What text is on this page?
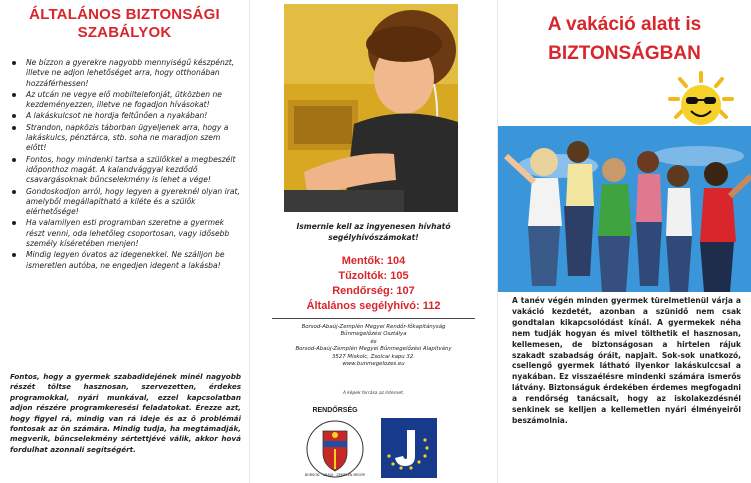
ÁLTALÁNOS BIZTONSÁGI
SZABÁLYOK
Ne bízzon a gyerekre nagyobb mennyiségű készpénzt, illetve ne adjon lehetőséget arra, hogy otthonában hozzáférhessen!
Az utcán ne vegye elő mobiltelefonját, ütközben ne kezdeményezzen, illetve ne fogadjon hívásokat!
A lakáskulcsot ne hordja feltűnően a nyakában!
Strandon, napközis táborban ügyeljenek arra, hogy a lakáskulcs, pénztárca, stb. soha ne maradjon szem előtt!
Fontos, hogy mindenki tartsa a szülőkkel a megbeszélt időponthoz magát. A kalandvággyal kezdődő csavargásoknak bűncselekmény is lehet a vége!
Gondoskodjon arról, hogy legyen a gyereknél olyan irat, amelyből megállapítható a kiléte és a szülők elérhetősége!
Ha valamilyen esti programban szeretne a gyermek részt venni, oda lehetőleg csoportosan, vagy idősebb személy kíséretében menjen!
Mindig legyen óvatos az idegenekkel. Ne szálljon be ismeretlen autóba, ne engedjen idegent a lakásba!

Fontos, hogy a gyermek szabadidejének minél nagyobb részét töltse hasznosan, szervezetten, érdekes programokkal, nyári munkával, ezzel kapcsolatban adjon részére programkeresési feladatokat. Érezze azt, hogy figyel rá, mindig van rá ideje és az ő problémái fontosak az ön számára. Mindig tudja, ha megtámadják, megverik, bűncselekmény sértettjévé válik, akkor hová fordulhat azonnali segítségért.

Ismernie kell az ingyenesen hívható
segélyhívószámokat!

Mentők: 104
Tűzoltók: 105
Rendőrség: 107
Általános segélyhívó: 112
Borsod-Abaúj-Zemplén Megyei Rendőr-főkapitányság
Bűnmegelőzési Osztálya
és
Borsod-Abaúj-Zemplén Megyei Bűnmegelőzési Alapítvány
3527 Miskolc, Zsolcai kapu 32.
www.bunmegelozes.eu
A képek forrása az Internet.
RENDŐRSÉG
BORSOD · ABAÚJ · ZEMPLÉN MEGYE
A vakáció alatt is
BIZTONSÁGBAN

A tanév végén minden gyermek türelmetlenül várja a vakáció kezdetét, azonban a szünidő nem csak gondtalan kikapcsolódást kínál. A gyermekek néha nem tudják hogyan és mivel tölthetik el hasznosan, kellemesen, de biztonságosan a hirtelen rájuk szakadt szabadság óráit, napjait. Sok-sok unatkozó, csellengő gyermek látható ilyenkor lakáskulccsal a nyakában. Ez visszaélésre mindenki számára ismerős látvány. Biztonságuk érdekében érdemes megfogadni a rendőrség tanácsait, hogy az iskolakezdésnél senkinek se kelljen a kellemetlen nyári élményeiről beszámolnia.
